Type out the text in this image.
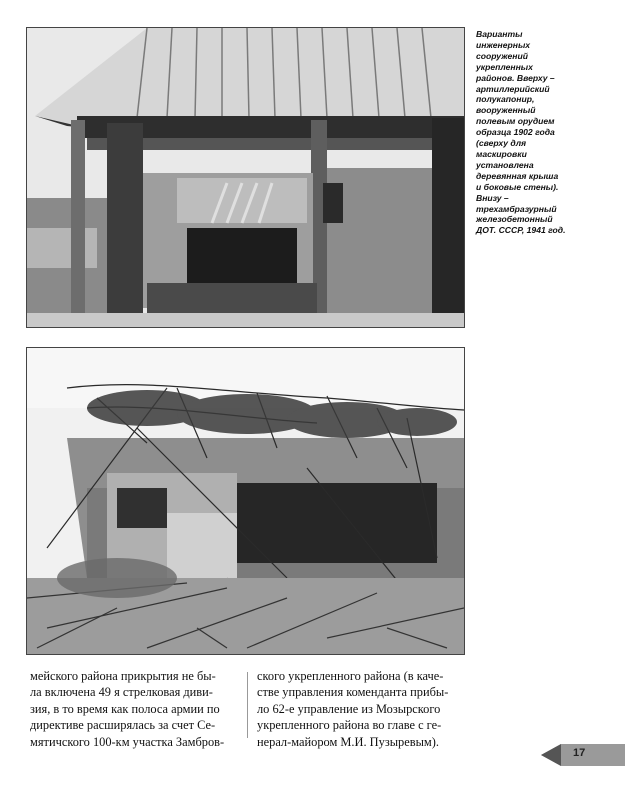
Варианты
инженерных
сооружений
укрепленных
районов. Вверху –
артиллерийский
полукапонир,
вооруженный
полевым орудием
образца 1902 года
(сверху для
маскировки
установлена
деревянная крыша
и боковые стены).
Внизу –
трехамбразурный
железобетонный
ДОТ. СССР, 1941 год.
мейского района прикрытия не бы-
ла включена 49 я стрелковая диви-
зия, в то время как полоса армии по
директиве расширялась за счет Се-
мятичского 100-км участка Замбров-
ского укрепленного района (в каче-
стве управления коменданта прибы-
ло 62-е управление из Мозырского
укрепленного района во главе с ге-
нерал-майором М.И. Пузыревым).
17
